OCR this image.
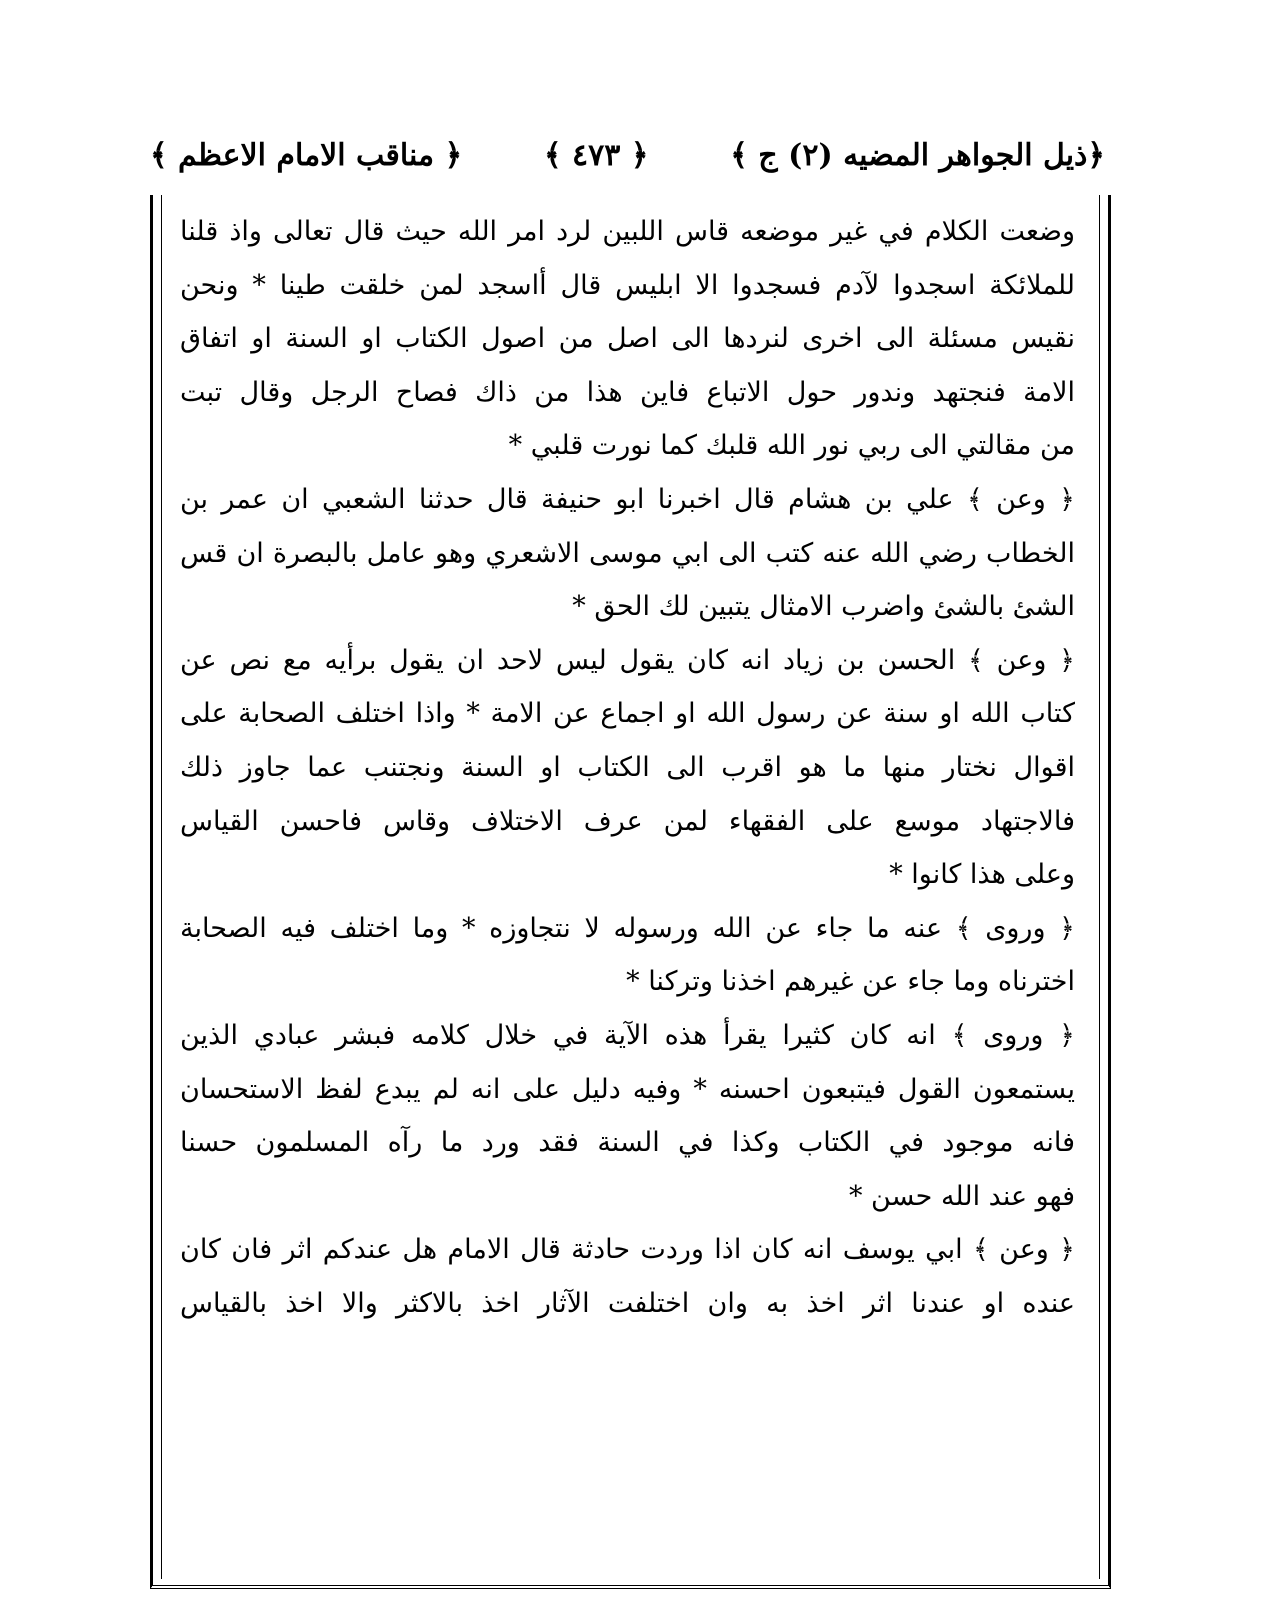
﴿ مناقب الامام الاعظم ﴾	﴿ ٤٧٣ ﴾	﴿ذيل الجواهر المضيه (٢) ج ﴾
وضعت الكلام في غير موضعه قاس اللبين لرد امر الله حيث قال تعالى واذ قلنا
للملائكة اسجدوا لآدم فسجدوا الا ابليس قال أاسجد لمن خلقت طينا * ونحن
نقيس مسئلة الى اخرى لنردها الى اصل من اصول الكتاب او السنة او اتفاق
الامة فنجتهد وندور حول الاتباع فاين هذا من ذاك فصاح الرجل وقال تبت
من مقالتي الى ربي نور الله قلبك كما نورت قلبي *
﴿ وعن ﴾ علي بن هشام قال اخبرنا ابو حنيفة قال حدثنا الشعبي ان عمر بن
الخطاب رضي الله عنه كتب الى ابي موسى الاشعري وهو عامل بالبصرة ان قس
الشئ بالشئ واضرب الامثال يتبين لك الحق *
﴿ وعن ﴾ الحسن بن زياد انه كان يقول ليس لاحد ان يقول برأيه مع نص عن
كتاب الله او سنة عن رسول الله او اجماع عن الامة * واذا اختلف الصحابة على
اقوال نختار منها ما هو اقرب الى الكتاب او السنة ونجتنب عما جاوز ذلك
فالاجتهاد موسع على الفقهاء لمن عرف الاختلاف وقاس فاحسن القياس
وعلى هذا كانوا *
﴿ وروى ﴾ عنه ما جاء عن الله ورسوله لا نتجاوزه * وما اختلف فيه الصحابة
اخترناه وما جاء عن غيرهم اخذنا وتركنا *
﴿ وروى ﴾ انه كان كثيرا يقرأ هذه الآية في خلال كلامه فبشر عبادي الذين
يستمعون القول فيتبعون احسنه * وفيه دليل على انه لم يبدع لفظ الاستحسان
فانه موجود في الكتاب وكذا في السنة فقد ورد ما رآه المسلمون حسنا
فهو عند الله حسن *
﴿ وعن ﴾ ابي يوسف انه كان اذا وردت حادثة قال الامام هل عندكم اثر فان كان
عنده او عندنا اثر اخذ به وان اختلفت الآثار اخذ بالاكثر والا اخذ بالقياس
